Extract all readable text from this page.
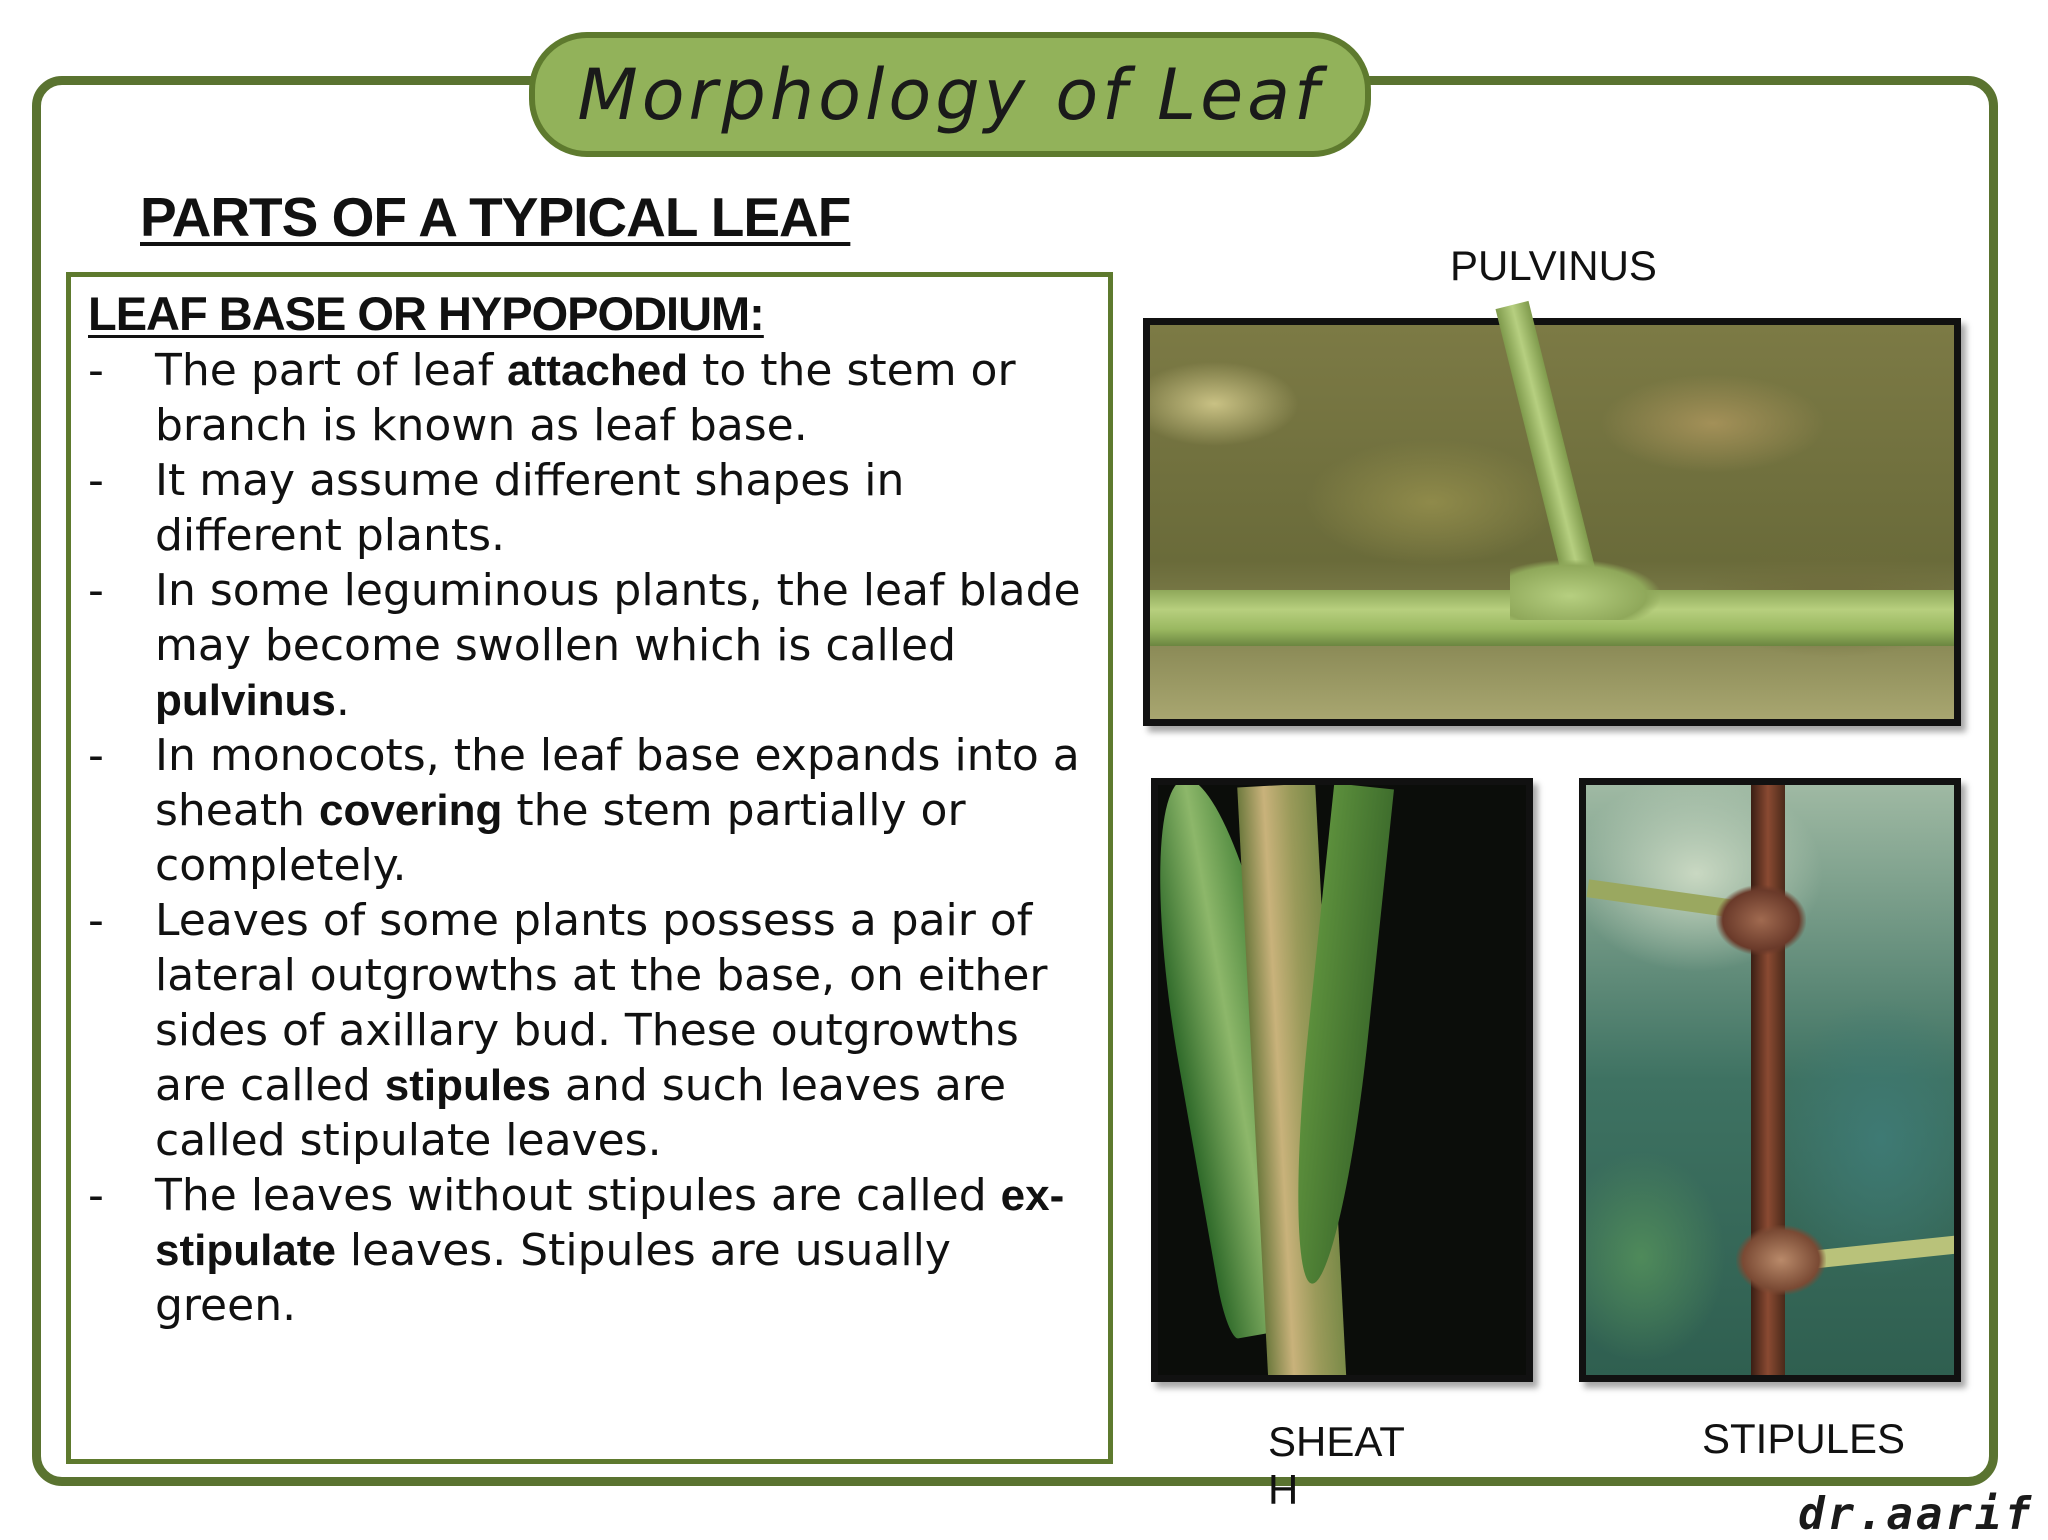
Morphology of Leaf
PARTS OF A TYPICAL LEAF
LEAF BASE OR HYPOPODIUM:
- The part of leaf attached to the stem or branch is known as leaf base.
- It may assume different shapes in different plants.
- In some leguminous plants, the leaf blade may become swollen which is called pulvinus.
- In monocots, the leaf base expands into a sheath covering the stem partially or completely.
- Leaves of some plants possess a pair of lateral outgrowths at the base, on either sides of axillary bud. These outgrowths are called stipules and such leaves are called stipulate leaves.
- The leaves without stipules are called ex- stipulate leaves. Stipules are usually green.
PULVINUS
SHEATH
STIPULES
dr.aarif
